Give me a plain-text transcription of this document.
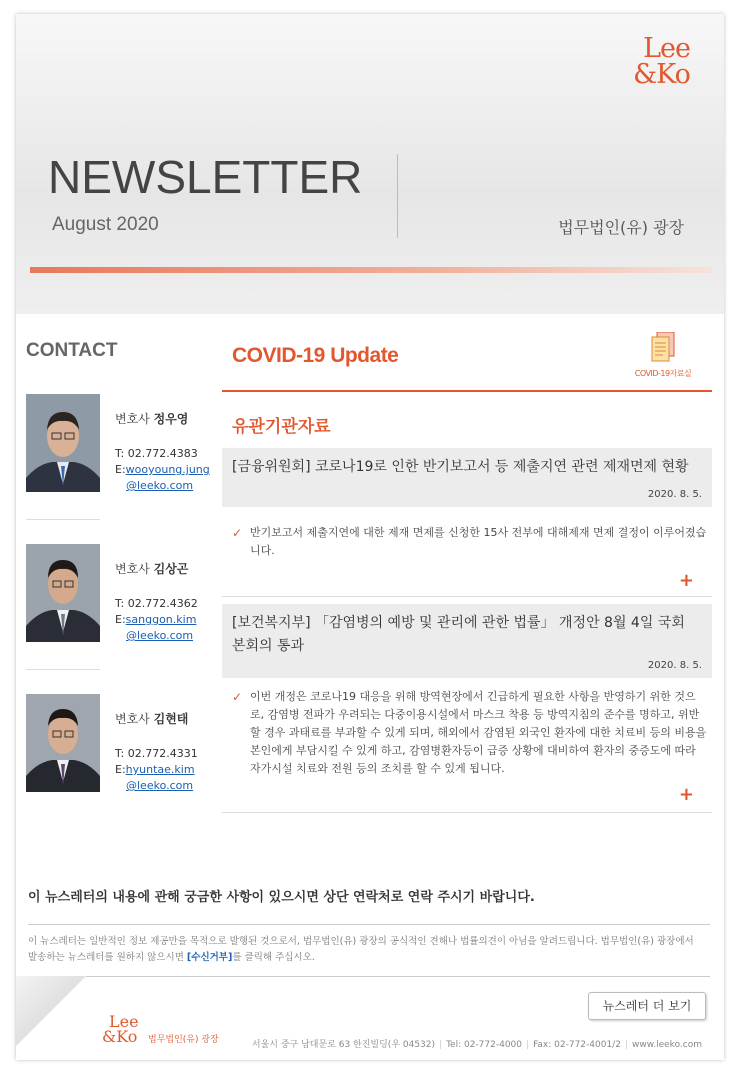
Lee
&Ko
NEWSLETTER
August 2020	법무법인(유) 광장
CONTACT
변호사 정우영
T: 02.772.4383
E:wooyoung.jung
@leeko.com
변호사 김상곤
T: 02.772.4362
E:sanggon.kim
@leeko.com
변호사 김현태
T: 02.772.4331
E:hyuntae.kim
@leeko.com
COVID-19 Update
COVID-19자료실
유관기관자료
[금융위원회] 코로나19로 인한 반기보고서 등 제출지연 관련 제재면제 현황
2020. 8. 5.
✓ 반기보고서 제출지연에 대한 제재 면제를 신청한 15사 전부에 대해제재 면제 결정이 이루어졌습니다.
+
[보건복지부] 「감염병의 예방 및 관리에 관한 법률」 개정안 8월 4일 국회 본회의 통과
2020. 8. 5.
✓ 이번 개정은 코로나19 대응을 위해 방역현장에서 긴급하게 필요한 사항을 반영하기 위한 것으로, 감염병 전파가 우려되는 다중이용시설에서 마스크 착용 등 방역지침의 준수를 명하고, 위반할 경우 과태료를 부과할 수 있게 되며, 해외에서 감염된 외국인 환자에 대한 치료비 등의 비용을 본인에게 부담시킬 수 있게 하고, 감염병환자등이 급증 상황에 대비하여 환자의 중증도에 따라 자가시설 치료와 전원 등의 조치를 할 수 있게 됩니다.
+
이 뉴스레터의 내용에 관해 궁금한 사항이 있으시면 상단 연락처로 연락 주시기 바랍니다.
이 뉴스레터는 일반적인 정보 제공만을 목적으로 발행된 것으로서, 법무법인(유) 광장의 공식적인 견해나 법률의견이 아님을 알려드립니다. 법무법인(유) 광장에서
발송하는 뉴스레터를 원하지 않으시면 [수신거부]를 클릭해 주십시오.
뉴스레터 더 보기
Lee
&Ko 법무법인(유) 광장	서울시 중구 남대문로 63 한진빌딩(우 04532) | Tel: 02-772-4000 | Fax: 02-772-4001/2 | www.leeko.com
